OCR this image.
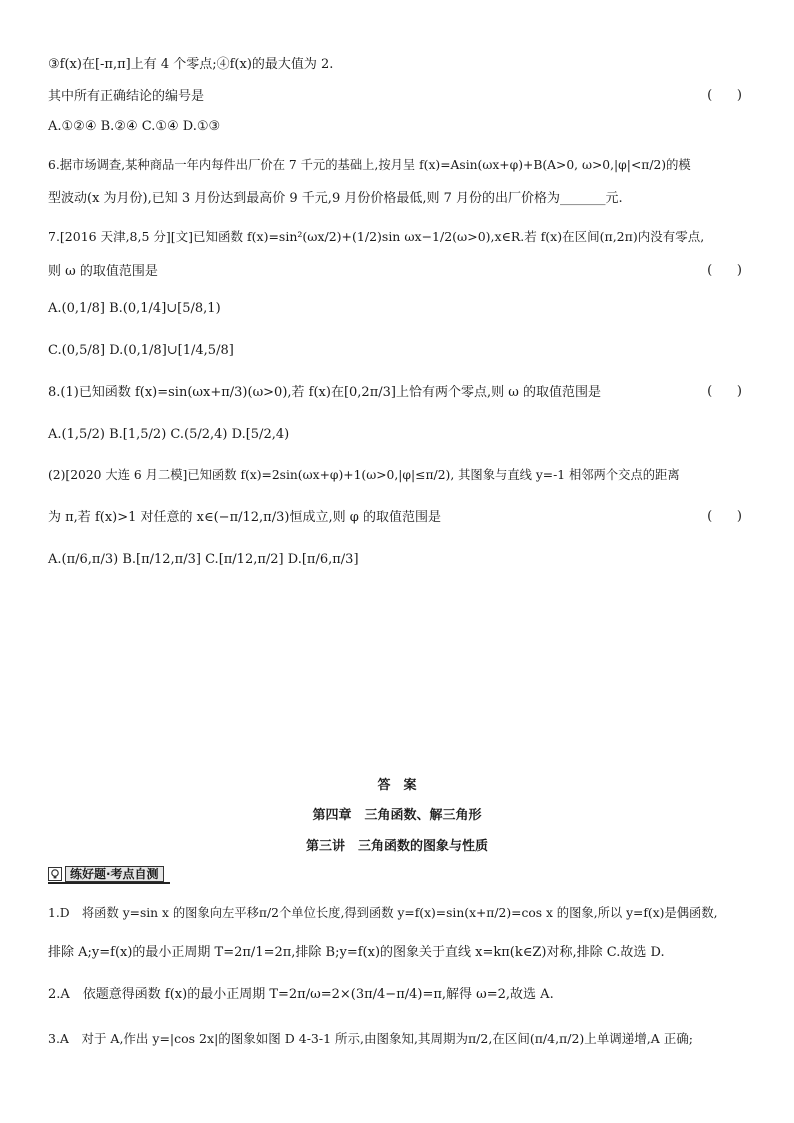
③f(x)在[-π,π]上有 4 个零点;④f(x)的最大值为 2.
其中所有正确结论的编号是	(      )
A.①②④ B.②④ C.①④ D.①③
6.据市场调查,某种商品一年内每件出厂价在 7 千元的基础上,按月呈 f(x)=Asin(ωx+φ)+B(A>0, ω>0,|φ|<π/2)的模
型波动(x 为月份),已知 3 月份达到最高价 9 千元,9 月份价格最低,则 7 月份的出厂价格为_______元.
7.[2016 天津,8,5 分][文]已知函数 f(x)=sin²(ωx/2)+(1/2)sin ωx−1/2(ω>0),x∈R.若 f(x)在区间(π,2π)内没有零点,
则 ω 的取值范围是	(      )
A.(0,1/8] B.(0,1/4]∪[5/8,1)
C.(0,5/8] D.(0,1/8]∪[1/4,5/8]
8.(1)已知函数 f(x)=sin(ωx+π/3)(ω>0),若 f(x)在[0,2π/3]上恰有两个零点,则 ω 的取值范围是	(      )
A.(1,5/2) B.[1,5/2) C.(5/2,4) D.[5/2,4)
(2)[2020 大连 6 月二模]已知函数 f(x)=2sin(ωx+φ)+1(ω>0,|φ|≤π/2), 其图象与直线 y=-1 相邻两个交点的距离
为 π,若 f(x)>1 对任意的 x∈(−π/12,π/3)恒成立,则 φ 的取值范围是	(      )
A.(π/6,π/3) B.[π/12,π/3] C.[π/12,π/2] D.[π/6,π/3]
答　案
第四章　三角函数、解三角形
第三讲　三角函数的图象与性质
练好题·考点自测
1.D　将函数 y=sin x 的图象向左平移π/2个单位长度,得到函数 y=f(x)=sin(x+π/2)=cos x 的图象,所以 y=f(x)是偶函数,
排除 A;y=f(x)的最小正周期 T=2π/1=2π,排除 B;y=f(x)的图象关于直线 x=kπ(k∈Z)对称,排除 C.故选 D.
2.A　依题意得函数 f(x)的最小正周期 T=2π/ω=2×(3π/4−π/4)=π,解得 ω=2,故选 A.
3.A　对于 A,作出 y=|cos 2x|的图象如图 D 4-3-1 所示,由图象知,其周期为π/2,在区间(π/4,π/2)上单调递增,A 正确;
